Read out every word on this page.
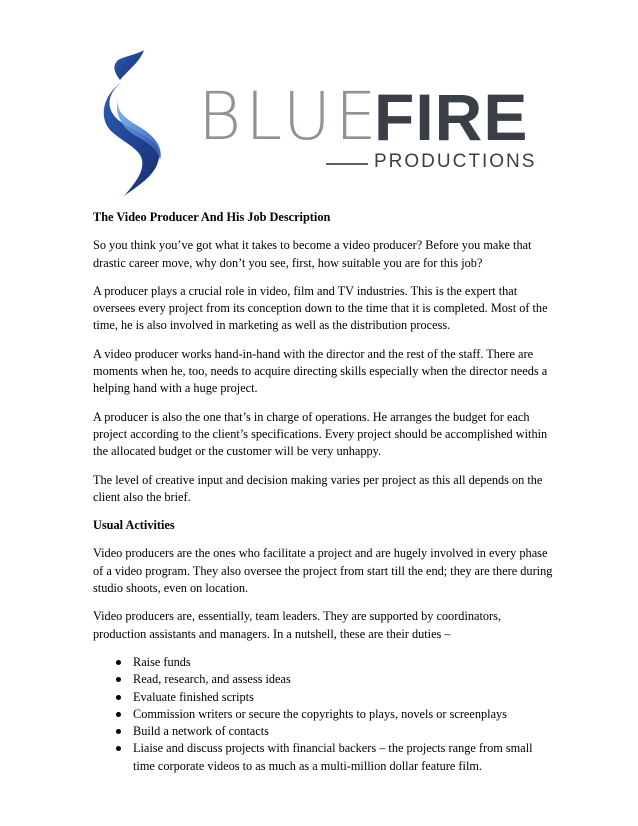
BLUE
FIRE
PRODUCTIONS

The Video Producer And His Job Description

So you think you’ve got what it takes to become a video producer? Before you make that drastic career move, why don’t you see, first, how suitable you are for this job?

A producer plays a crucial role in video, film and TV industries. This is the expert that oversees every project from its conception down to the time that it is completed. Most of the time, he is also involved in marketing as well as the distribution process.

A video producer works hand-in-hand with the director and the rest of the staff. There are moments when he, too, needs to acquire directing skills especially when the director needs a helping hand with a huge project.

A producer is also the one that’s in charge of operations. He arranges the budget for each project according to the client’s specifications. Every project should be accomplished within the allocated budget or the customer will be very unhappy.

The level of creative input and decision making varies per project as this all depends on the client also the brief.

Usual Activities

Video producers are the ones who facilitate a project and are hugely involved in every phase of a video program. They also oversee the project from start till the end; they are there during studio shoots, even on location.

Video producers are, essentially, team leaders. They are supported by coordinators, production assistants and managers. In a nutshell, these are their duties –

Raise funds
Read, research, and assess ideas
Evaluate finished scripts
Commission writers or secure the copyrights to plays, novels or screenplays
Build a network of contacts
Liaise and discuss projects with financial backers – the projects range from small time corporate videos to as much as a multi-million dollar feature film.
